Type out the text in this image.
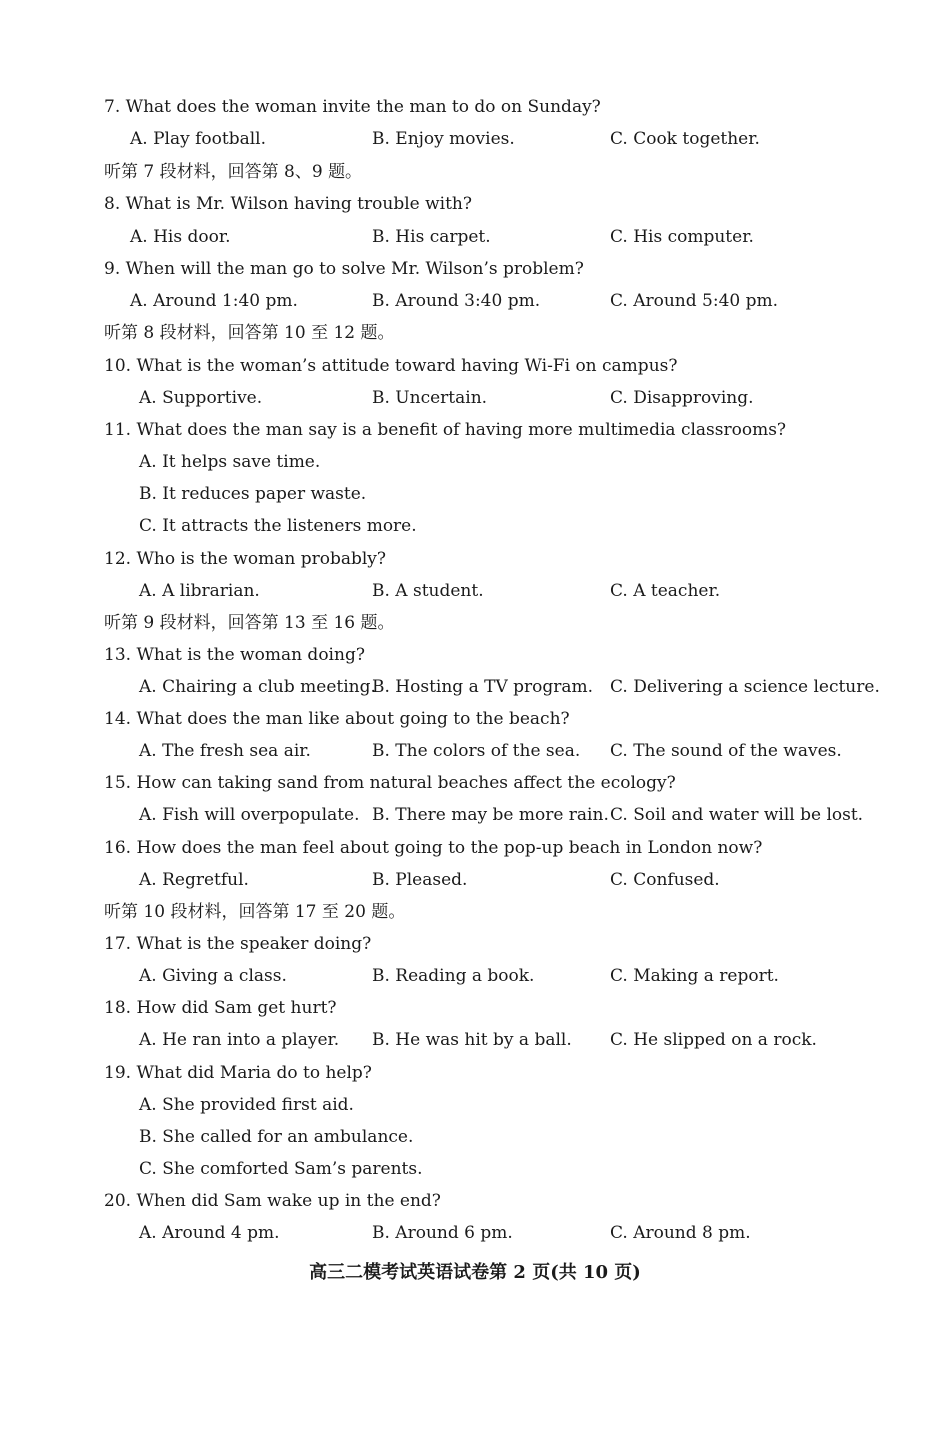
7. What does the woman invite the man to do on Sunday?
A. Play football.	B. Enjoy movies.	C. Cook together.
听第 7 段材料，回答第 8、9 题。
8. What is Mr. Wilson having trouble with?
A. His door.	B. His carpet.	C. His computer.
9. When will the man go to solve Mr. Wilson’s problem?
A. Around 1:40 pm.	B. Around 3:40 pm.	C. Around 5:40 pm.
听第 8 段材料，回答第 10 至 12 题。
10. What is the woman’s attitude toward having Wi-Fi on campus?
A. Supportive.	B. Uncertain.	C. Disapproving.
11. What does the man say is a benefit of having more multimedia classrooms?
A. It helps save time.
B. It reduces paper waste.
C. It attracts the listeners more.
12. Who is the woman probably?
A. A librarian.	B. A student.	C. A teacher.
听第 9 段材料，回答第 13 至 16 题。
13. What is the woman doing?
A. Chairing a club meeting.
B. Hosting a TV program. C. Delivering a science lecture.
14. What does the man like about going to the beach?
A. The fresh sea air.	B. The colors of the sea. C. The sound of the waves.
15. How can taking sand from natural beaches affect the ecology?
A. Fish will overpopulate. B. There may be more rain. C. Soil and water will be lost.
16. How does the man feel about going to the pop-up beach in London now?
A. Regretful.	B. Pleased.	C. Confused.
听第 10 段材料，回答第 17 至 20 题。
17. What is the speaker doing?
A. Giving a class.	B. Reading a book.	C. Making a report.
18. How did Sam get hurt?
A. He ran into a player. B. He was hit by a ball. C. He slipped on a rock.
19. What did Maria do to help?
A. She provided first aid.
B. She called for an ambulance.
C. She comforted Sam’s parents.
20. When did Sam wake up in the end?
A. Around 4 pm.	B. Around 6 pm.	C. Around 8 pm.
高三二模考试英语试卷第 2 页(共 10 页)
